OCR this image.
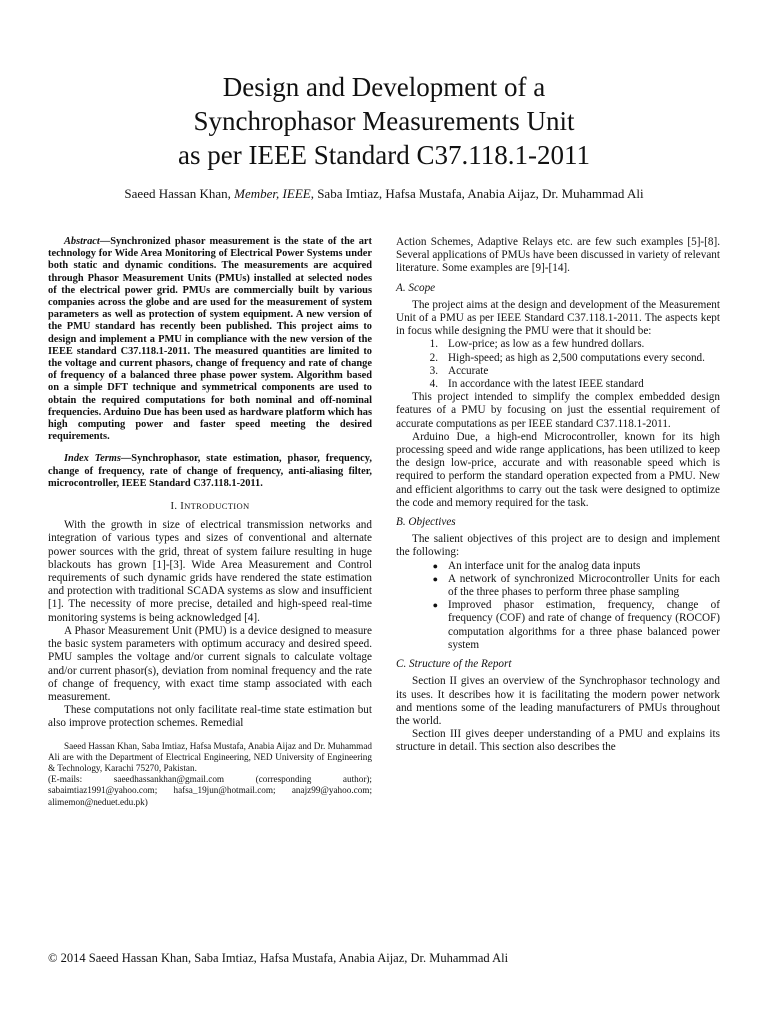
Design and Development of a
Synchrophasor Measurements Unit
as per IEEE Standard C37.118.1-2011
Saeed Hassan Khan, Member, IEEE, Saba Imtiaz, Hafsa Mustafa, Anabia Aijaz, Dr. Muhammad Ali

Abstract—Synchronized phasor measurement is the state of the art technology for Wide Area Monitoring of Electrical Power Systems under both static and dynamic conditions. The measurements are acquired through Phasor Measurement Units (PMUs) installed at selected nodes of the electrical power grid. PMUs are commercially built by various companies across the globe and are used for the measurement of system parameters as well as protection of system equipment. A new version of the PMU standard has recently been published. This project aims to design and implement a PMU in compliance with the new version of the IEEE standard C37.118.1-2011. The measured quantities are limited to the voltage and current phasors, change of frequency and rate of change of frequency of a balanced three phase power system. Algorithm based on a simple DFT technique and symmetrical components are used to obtain the required computations for both nominal and off-nominal frequencies. Arduino Due has been used as hardware platform which has high computing power and faster speed meeting the desired requirements.

Index Terms—Synchrophasor, state estimation, phasor, frequency, change of frequency, rate of change of frequency, anti-aliasing filter, microcontroller, IEEE Standard C37.118.1-2011.

I. INTRODUCTION

With the growth in size of electrical transmission networks and integration of various types and sizes of conventional and alternate power sources with the grid, threat of system failure resulting in huge blackouts has grown [1]-[3]. Wide Area Measurement and Control requirements of such dynamic grids have rendered the state estimation and protection with traditional SCADA systems as slow and insufficient [1]. The necessity of more precise, detailed and high-speed real-time monitoring systems is being acknowledged [4].

A Phasor Measurement Unit (PMU) is a device designed to measure the basic system parameters with optimum accuracy and desired speed. PMU samples the voltage and/or current signals to calculate voltage and/or current phasor(s), deviation from nominal frequency and the rate of change of frequency, with exact time stamp associated with each measurement.

These computations not only facilitate real-time state estimation but also improve protection schemes. Remedial

Saeed Hassan Khan, Saba Imtiaz, Hafsa Mustafa, Anabia Aijaz and Dr. Muhammad Ali are with the Department of Electrical Engineering, NED University of Engineering & Technology, Karachi 75270, Pakistan.

(E-mails: saeedhassankhan@gmail.com (corresponding author); sabaimtiaz1991@yahoo.com; hafsa_19jun@hotmail.com; anajz99@yahoo.com; alimemon@neduet.edu.pk)

Action Schemes, Adaptive Relays etc. are few such examples [5]-[8]. Several applications of PMUs have been discussed in variety of relevant literature. Some examples are [9]-[14].

A. Scope

The project aims at the design and development of the Measurement Unit of a PMU as per IEEE Standard C37.118.1-2011. The aspects kept in focus while designing the PMU were that it should be:

1. Low-price; as low as a few hundred dollars.
2. High-speed; as high as 2,500 computations every second.
3. Accurate
4. In accordance with the latest IEEE standard

This project intended to simplify the complex embedded design features of a PMU by focusing on just the essential requirement of accurate computations as per IEEE standard C37.118.1-2011.

Arduino Due, a high-end Microcontroller, known for its high processing speed and wide range applications, has been utilized to keep the design low-price, accurate and with reasonable speed which is required to perform the standard operation expected from a PMU. New and efficient algorithms to carry out the task were designed to optimize the code and memory required for the task.

B. Objectives

The salient objectives of this project are to design and implement the following:

● An interface unit for the analog data inputs
● A network of synchronized Microcontroller Units for each of the three phases to perform three phase sampling
● Improved phasor estimation, frequency, change of frequency (COF) and rate of change of frequency (ROCOF) computation algorithms for a three phase balanced power system
C. Structure of the Report

Section II gives an overview of the Synchrophasor technology and its uses. It describes how it is facilitating the modern power network and mentions some of the leading manufacturers of PMUs throughout the world.

Section III gives deeper understanding of a PMU and explains its structure in detail. This section also describes the

© 2014 Saeed Hassan Khan, Saba Imtiaz, Hafsa Mustafa, Anabia Aijaz, Dr. Muhammad Ali
